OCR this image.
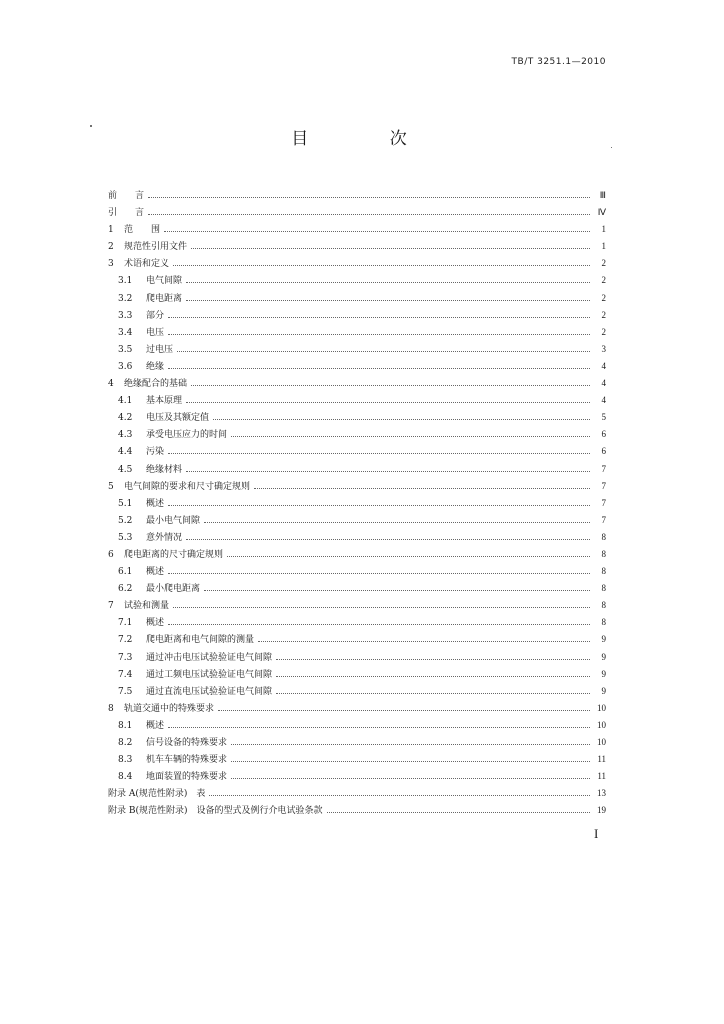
TB/T 3251.1—2010
目 次
前　　言	Ⅲ
引　　言	Ⅳ
1	范　　围	1
2	规范性引用文件	1
3	术语和定义	2
3.1	电气间隙	2
3.2	爬电距离	2
3.3	部分	2
3.4	电压	2
3.5	过电压	3
3.6	绝缘	4
4	绝缘配合的基础	4
4.1	基本原理	4
4.2	电压及其额定值	5
4.3	承受电压应力的时间	6
4.4	污染	6
4.5	绝缘材料	7
5	电气间隙的要求和尺寸确定规则	7
5.1	概述	7
5.2	最小电气间隙	7
5.3	意外情况	8
6	爬电距离的尺寸确定规则	8
6.1	概述	8
6.2	最小爬电距离	8
7	试验和测量	8
7.1	概述	8
7.2	爬电距离和电气间隙的测量	9
7.3	通过冲击电压试验验证电气间隙	9
7.4	通过工频电压试验验证电气间隙	9
7.5	通过直流电压试验验证电气间隙	9
8	轨道交通中的特殊要求	10
8.1	概述	10
8.2	信号设备的特殊要求	10
8.3	机车车辆的特殊要求	11
8.4	地面装置的特殊要求	11
附录 A(规范性附录)　表	13
附录 B(规范性附录)　设备的型式及例行介电试验条款	19
I
